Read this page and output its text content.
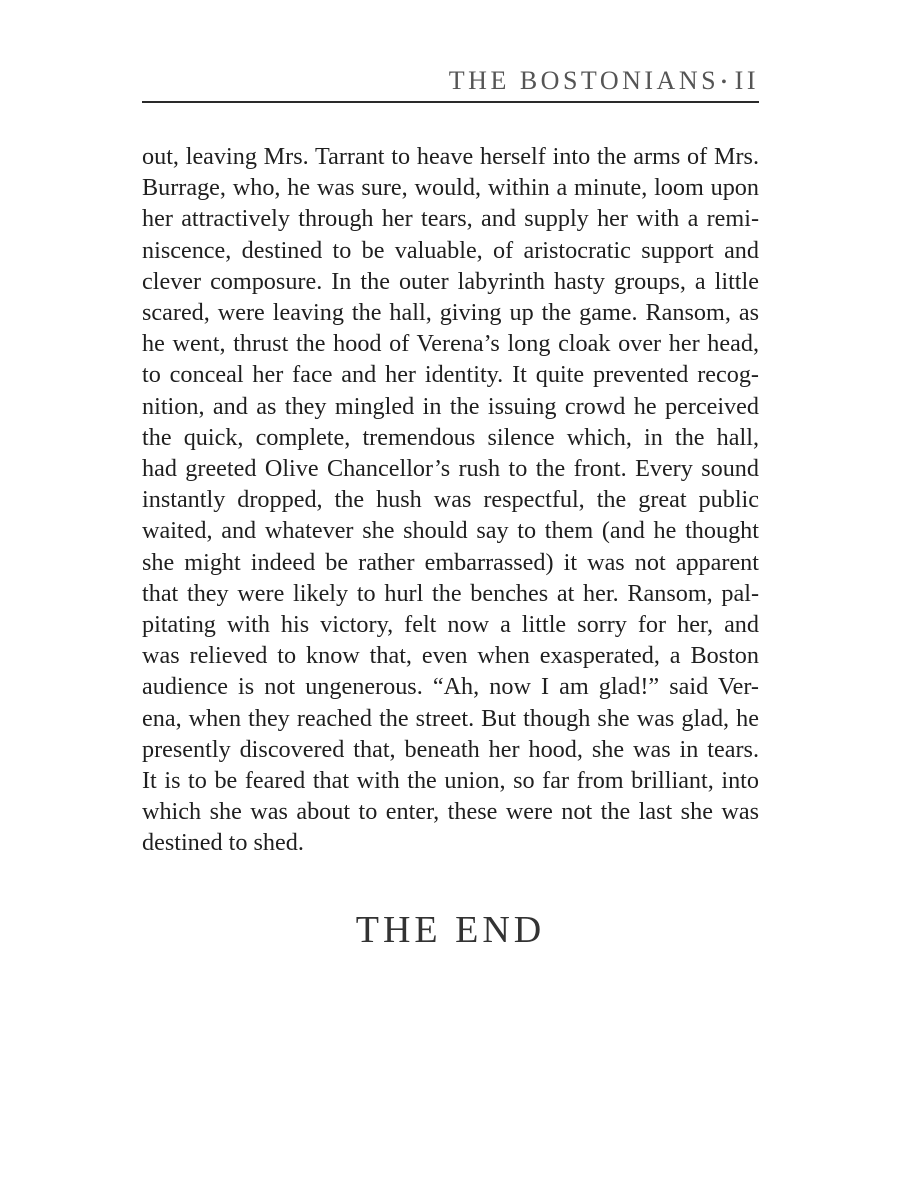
THE BOSTONIANS • II
out, leaving Mrs. Tarrant to heave herself into the arms of Mrs.
Burrage, who, he was sure, would, within a minute, loom upon
her attractively through her tears, and supply her with a remi-
niscence, destined to be valuable, of aristocratic support and
clever composure. In the outer labyrinth hasty groups, a little
scared, were leaving the hall, giving up the game. Ransom, as
he went, thrust the hood of Verena’s long cloak over her head,
to conceal her face and her identity. It quite prevented recog-
nition, and as they mingled in the issuing crowd he perceived
the quick, complete, tremendous silence which, in the hall,
had greeted Olive Chancellor’s rush to the front. Every sound
instantly dropped, the hush was respectful, the great public
waited, and whatever she should say to them (and he thought
she might indeed be rather embarrassed) it was not apparent
that they were likely to hurl the benches at her. Ransom, pal-
pitating with his victory, felt now a little sorry for her, and
was relieved to know that, even when exasperated, a Boston
audience is not ungenerous. “Ah, now I am glad!” said Ver-
ena, when they reached the street. But though she was glad, he
presently discovered that, beneath her hood, she was in tears.
It is to be feared that with the union, so far from brilliant, into
which she was about to enter, these were not the last she was
destined to shed.
THE END
